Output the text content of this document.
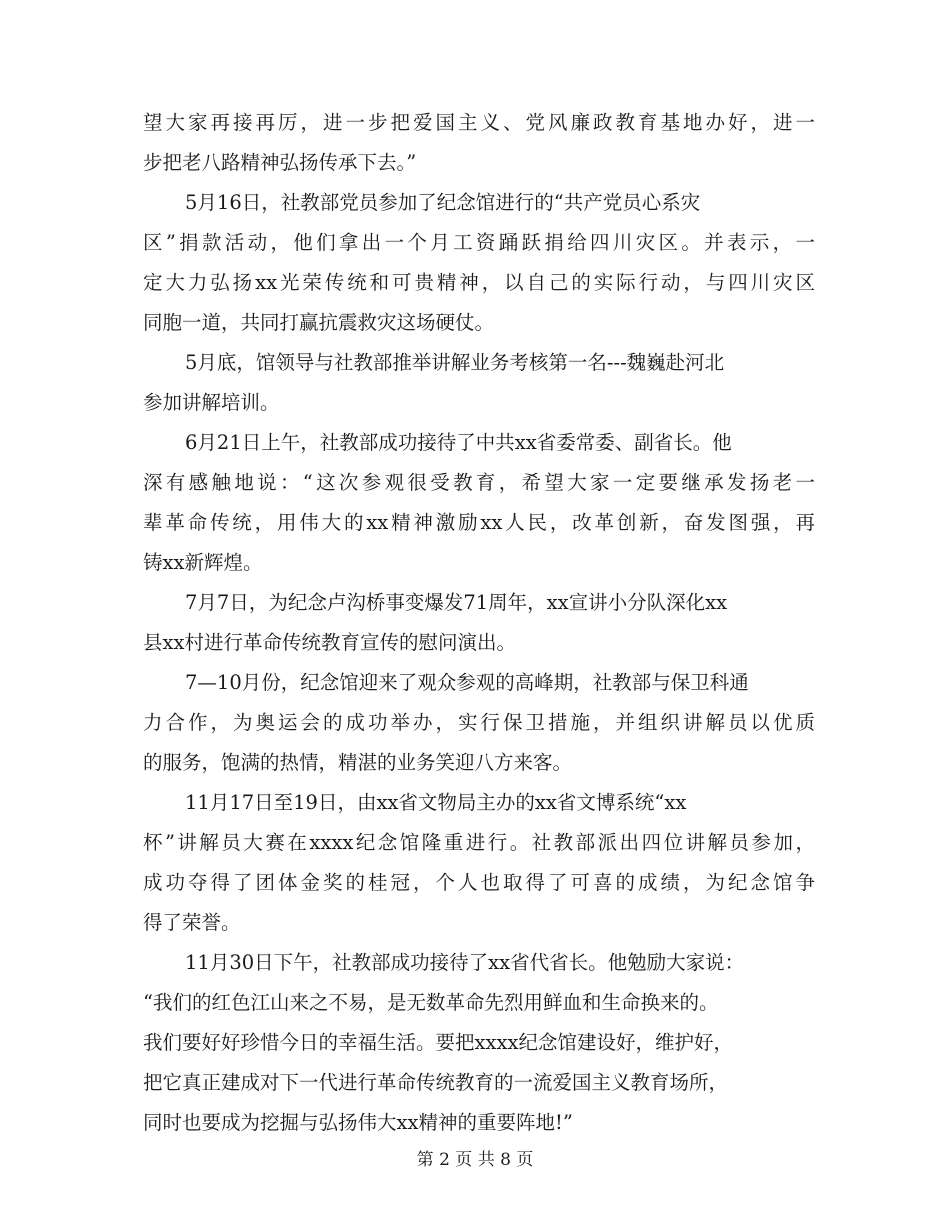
望大家再接再厉，进一步把爱国主义、党风廉政教育基地办好，进一
步把老八路精神弘扬传承下去。”
5月16日，社教部党员参加了纪念馆进行的“共产党员心系灾
区”捐款活动，他们拿出一个月工资踊跃捐给四川灾区。并表示，一
定大力弘扬xx光荣传统和可贵精神，以自己的实际行动，与四川灾区
同胞一道，共同打赢抗震救灾这场硬仗。
5月底，馆领导与社教部推举讲解业务考核第一名---魏巍赴河北
参加讲解培训。
6月21日上午，社教部成功接待了中共xx省委常委、副省长。他
深有感触地说：“这次参观很受教育，希望大家一定要继承发扬老一
辈革命传统，用伟大的xx精神激励xx人民，改革创新，奋发图强，再
铸xx新辉煌。
7月7日，为纪念卢沟桥事变爆发71周年，xx宣讲小分队深化xx
县xx村进行革命传统教育宣传的慰问演出。
7—10月份，纪念馆迎来了观众参观的高峰期，社教部与保卫科通
力合作，为奥运会的成功举办，实行保卫措施，并组织讲解员以优质
的服务，饱满的热情，精湛的业务笑迎八方来客。
11月17日至19日，由xx省文物局主办的xx省文博系统“xx
杯”讲解员大赛在xxxx纪念馆隆重进行。社教部派出四位讲解员参加，
成功夺得了团体金奖的桂冠，个人也取得了可喜的成绩，为纪念馆争
得了荣誉。
11月30日下午，社教部成功接待了xx省代省长。他勉励大家说：
“我们的红色江山来之不易，是无数革命先烈用鲜血和生命换来的。
我们要好好珍惜今日的幸福生活。要把xxxx纪念馆建设好，维护好，
把它真正建成对下一代进行革命传统教育的一流爱国主义教育场所，
同时也要成为挖掘与弘扬伟大xx精神的重要阵地!”
第 2 页 共 8 页
